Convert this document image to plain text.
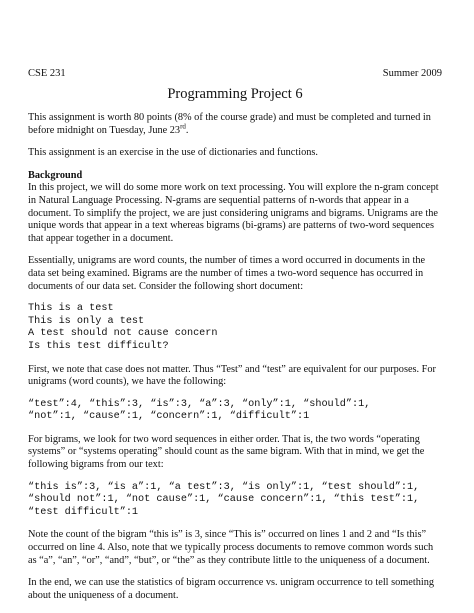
CSE 231	Summer 2009
Programming Project 6

This assignment is worth 80 points (8% of the course grade) and must be completed and turned in before midnight on Tuesday, June 23rd.

This assignment is an exercise in the use of dictionaries and functions.

Background

In this project, we will do some more work on text processing. You will explore the n-gram concept in Natural Language Processing. N-grams are sequential patterns of n-words that appear in a document. To simplify the project, we are just considering unigrams and bigrams. Unigrams are the unique words that appear in a text whereas bigrams (bi-grams) are patterns of two-word sequences that appear together in a document.

Essentially, unigrams are word counts, the number of times a word occurred in documents in the data set being examined. Bigrams are the number of times a two-word sequence has occurred in documents of our data set. Consider the following short document:

This is a test
This is only a test
A test should not cause concern
Is this test difficult?

First, we note that case does not matter. Thus “Test” and “test” are equivalent for our purposes. For unigrams (word counts), we have the following:

“test”:4, “this”:3, “is”:3, “a”:3, “only”:1, “should”:1,
“not”:1, “cause”:1, “concern”:1, “difficult”:1

For bigrams, we look for two word sequences in either order. That is, the two words “operating systems” or “systems operating” should count as the same bigram. With that in mind, we get the following bigrams from our text:

“this is”:3, “is a”:1, “a test”:3, “is only”:1, “test should”:1,
“should not”:1, “not cause”:1, “cause concern”:1, “this test”:1,
“test difficult”:1

Note the count of the bigram “this is” is 3, since “This is” occurred on lines 1 and 2 and “Is this” occurred on line 4. Also, note that we typically process documents to remove common words such as “a”, “an”, “or”, “and”, “but”, or “the” as they contribute little to the uniqueness of a document.

In the end, we can use the statistics of bigram occurrence vs. unigram occurrence to tell something about the uniqueness of a document.
